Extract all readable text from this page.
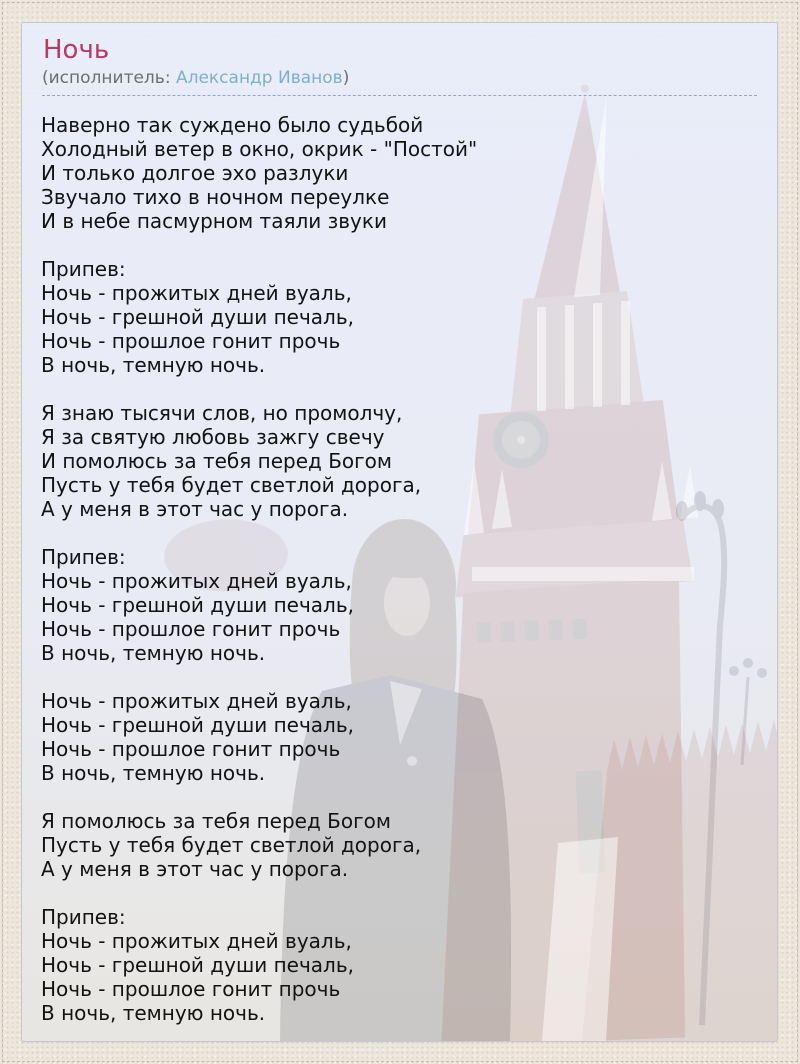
Ночь
(исполнитель: Александр Иванов)
Наверно так суждено было судьбой
Холодный ветер в окно, окрик - "Постой"
И только долгое эхо разлуки
Звучало тихо в ночном переулке
И в небе пасмурном таяли звуки
Припев:
Ночь - прожитых дней вуаль,
Ночь - грешной души печаль,
Ночь - прошлое гонит прочь
В ночь, темную ночь.
Я знаю тысячи слов, но промолчу,
Я за святую любовь зажгу свечу
И помолюсь за тебя перед Богом
Пусть у тебя будет светлой дорога,
А у меня в этот час у порога.
Припев:
Ночь - прожитых дней вуаль,
Ночь - грешной души печаль,
Ночь - прошлое гонит прочь
В ночь, темную ночь.
Ночь - прожитых дней вуаль,
Ночь - грешной души печаль,
Ночь - прошлое гонит прочь
В ночь, темную ночь.
Я помолюсь за тебя перед Богом
Пусть у тебя будет светлой дорога,
А у меня в этот час у порога.
Припев:
Ночь - прожитых дней вуаль,
Ночь - грешной души печаль,
Ночь - прошлое гонит прочь
В ночь, темную ночь.
